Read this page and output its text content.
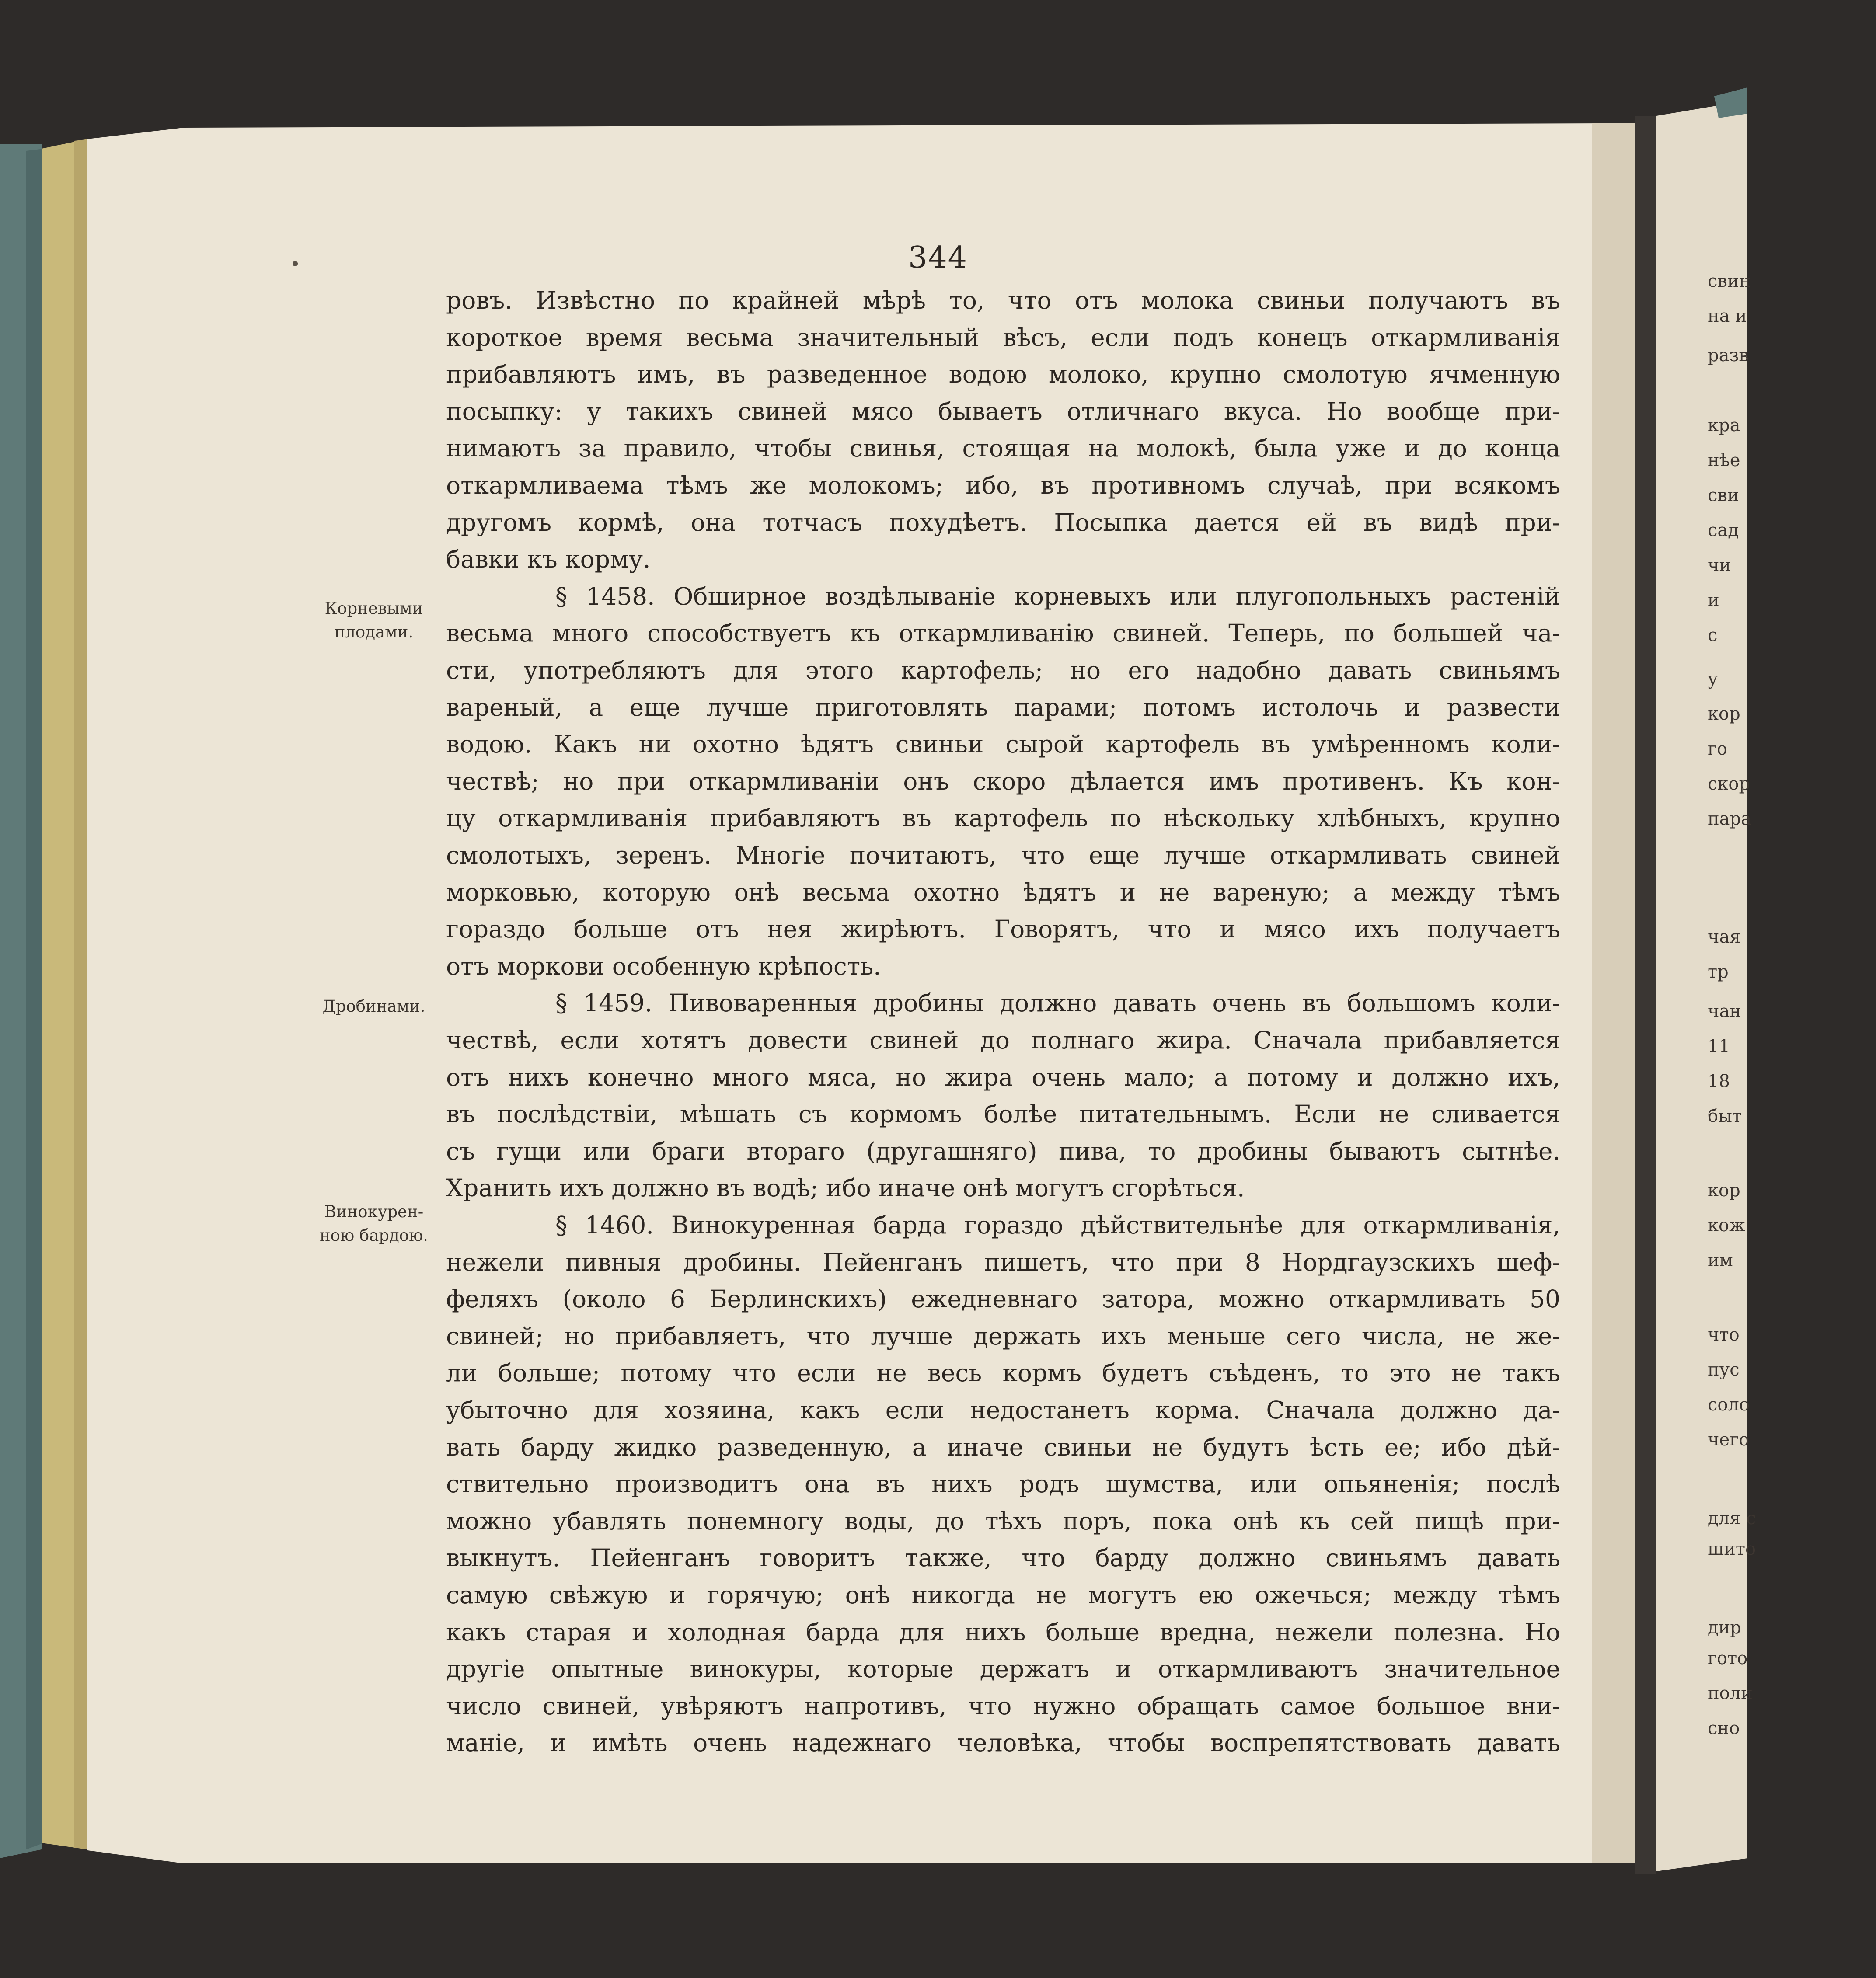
344
ровъ. Извѣстно по крайней мѣрѣ то, что отъ молока свиньи получаютъ въ
короткое время весьма значительный вѣсъ, если подъ конецъ откармливанія
прибавляютъ имъ, въ разведенное водою молоко, крупно смолотую ячменную
посыпку: у такихъ свиней мясо бываетъ отличнаго вкуса. Но вообще при-
нимаютъ за правило, чтобы свинья, стоящая на молокѣ, была уже и до конца
откармливаема тѣмъ же молокомъ; ибо, въ противномъ случаѣ, при всякомъ
другомъ кормѣ, она тотчасъ похудѣетъ. Посыпка дается ей въ видѣ при-
бавки къ корму.
§ 1458. Обширное воздѣлываніе корневыхъ или плугопольныхъ растеній
весьма много способствуетъ къ откармливанію свиней. Теперь, по большей ча-
сти, употребляютъ для этого картофель; но его надобно давать свиньямъ
вареный, а еще лучше приготовлять парами; потомъ истолочь и развести
водою. Какъ ни охотно ѣдятъ свиньи сырой картофель въ умѣренномъ коли-
чествѣ; но при откармливаніи онъ скоро дѣлается имъ противенъ. Къ кон-
цу откармливанія прибавляютъ въ картофель по нѣскольку хлѣбныхъ, крупно
смолотыхъ, зеренъ. Многіе почитаютъ, что еще лучше откармливать свиней
морковью, которую онѣ весьма охотно ѣдятъ и не вареную; а между тѣмъ
гораздо больше отъ нея жирѣютъ. Говорятъ, что и мясо ихъ получаетъ
отъ моркови особенную крѣпость.
§ 1459. Пивоваренныя дробины должно давать очень въ большомъ коли-
чествѣ, если хотятъ довести свиней до полнаго жира. Сначала прибавляется
отъ нихъ конечно много мяса, но жира очень мало; а потому и должно ихъ,
въ послѣдствіи, мѣшать съ кормомъ болѣе питательнымъ. Если не сливается
съ гущи или браги втораго (другашняго) пива, то дробины бываютъ сытнѣе.
Хранить ихъ должно въ водѣ; ибо иначе онѣ могутъ сгорѣться.
§ 1460. Винокуренная барда гораздо дѣйствительнѣе для откармливанія,
нежели пивныя дробины. Пейенганъ пишетъ, что при 8 Нордгаузскихъ шеф-
феляхъ (около 6 Берлинскихъ) ежедневнаго затора, можно откармливать 50
свиней; но прибавляетъ, что лучше держать ихъ меньше сего числа, не же-
ли больше; потому что если не весь кормъ будетъ съѣденъ, то это не такъ
убыточно для хозяина, какъ если недостанетъ корма. Сначала должно да-
вать барду жидко разведенную, а иначе свиньи не будутъ ѣсть ее; ибо дѣй-
ствительно производитъ она въ нихъ родъ шумства, или опьяненія; послѣ
можно убавлять понемногу воды, до тѣхъ поръ, пока онѣ къ сей пищѣ при-
выкнутъ. Пейенганъ говоритъ также, что барду должно свиньямъ давать
самую свѣжую и горячую; онѣ никогда не могутъ ею ожечься; между тѣмъ
какъ старая и холодная барда для нихъ больше вредна, нежели полезна. Но
другіе опытные винокуры, которые держатъ и откармливаютъ значительное
число свиней, увѣряютъ напротивъ, что нужно обращать самое большое вни-
маніе, и имѣть очень надежнаго человѣка, чтобы воспрепятствовать давать
Корневыми
плодами.
Дробинами.
Винокурен-
ною бардою.
свин
на и
разв
кра
нѣе
сви
сад
чи
и
с
у
кор
го
скор
пара
чая
тр
чан
11
18
быт
кор
кож
им
что
пус
соло
чего
для с
шито
дир
гото
поли
сно
